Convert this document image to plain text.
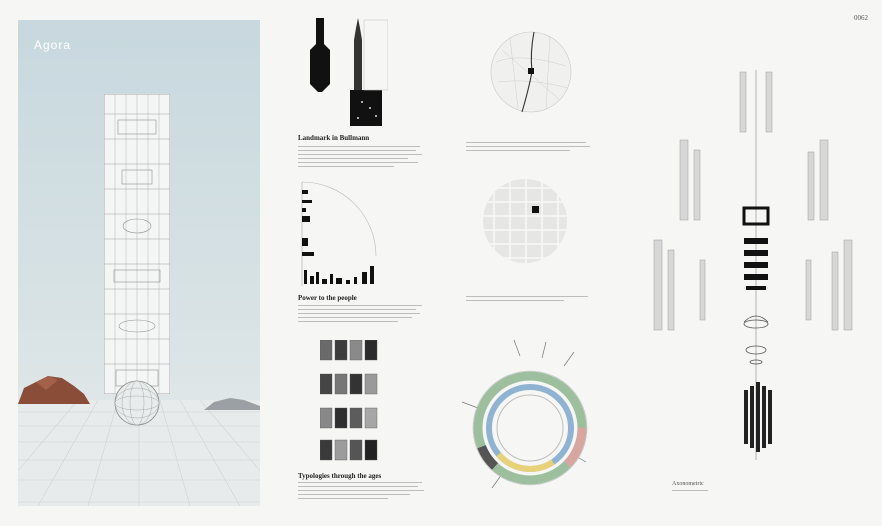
0062
Agora
Landmark in Bullmann
Power to the people
Typologies through the ages
Axonometric
